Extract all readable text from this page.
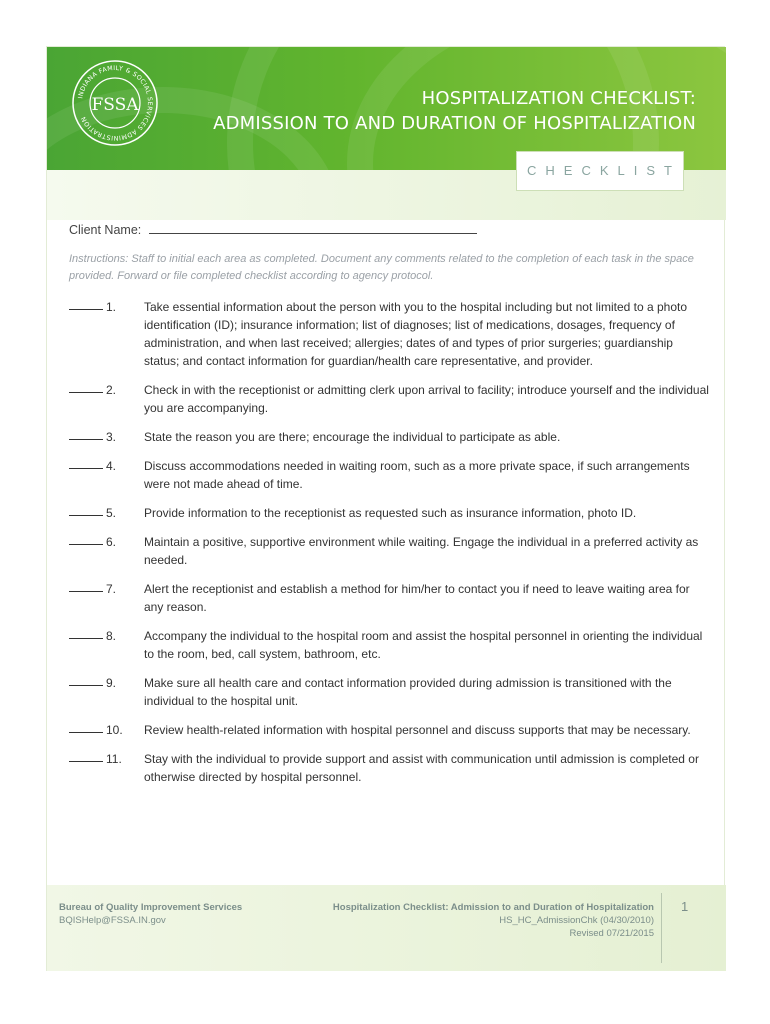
INDIANA FAMILY & SOCIAL SERVICES ADMINISTRATION
FSSA	HOSPITALIZATION CHECKLIST:
ADMISSION TO AND DURATION OF HOSPITALIZATION
CHECKLIST
Client Name:
Instructions: Staff to initial each area as completed. Document any comments related to the completion of each task in the space provided. Forward or file completed checklist according to agency protocol.
1.	Take essential information about the person with you to the hospital including but not limited to a photo identification (ID); insurance information; list of diagnoses; list of medications, dosages, frequency of administration, and when last received; allergies; dates of and types of prior surgeries; guardianship status; and contact information for guardian/health care representative, and provider.
2.	Check in with the receptionist or admitting clerk upon arrival to facility; introduce yourself and the individual you are accompanying.
3.	State the reason you are there; encourage the individual to participate as able.
4.	Discuss accommodations needed in waiting room, such as a more private space, if such arrangements were not made ahead of time.
5.	Provide information to the receptionist as requested such as insurance information, photo ID.
6.	Maintain a positive, supportive environment while waiting. Engage the individual in a preferred activity as needed.
7.	Alert the receptionist and establish a method for him/her to contact you if need to leave waiting area for any reason.
8.	Accompany the individual to the hospital room and assist the hospital personnel in orienting the individual to the room, bed, call system, bathroom, etc.
9.	Make sure all health care and contact information provided during admission is transitioned with the individual to the hospital unit.
10.	Review health-related information with hospital personnel and discuss supports that may be necessary.
11.	Stay with the individual to provide support and assist with communication until admission is completed or otherwise directed by hospital personnel.
Bureau of Quality Improvement Services
BQISHelp@FSSA.IN.gov
Hospitalization Checklist: Admission to and Duration of Hospitalization
HS_HC_AdmissionChk (04/30/2010)
Revised 07/21/2015
1
